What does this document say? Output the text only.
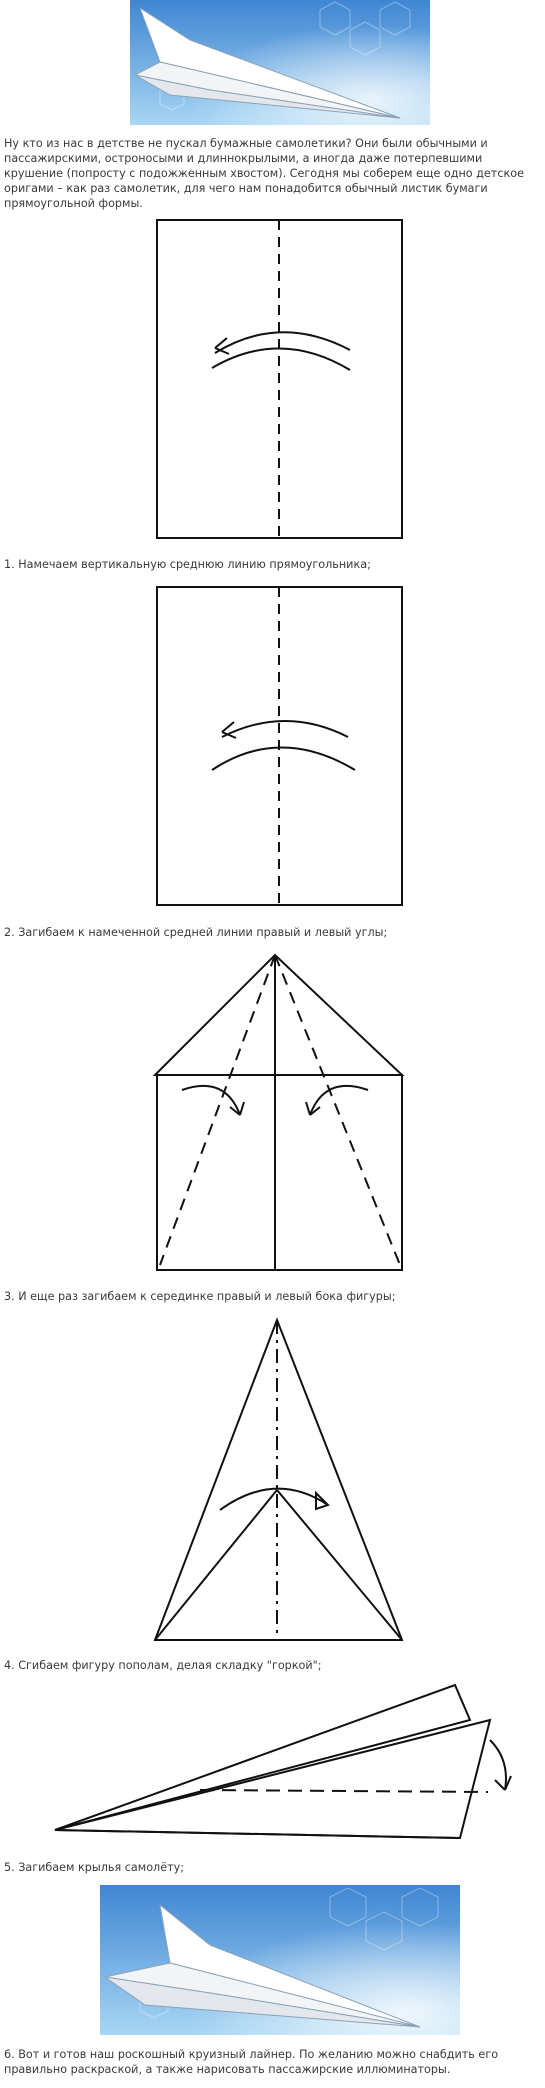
Ну кто из нас в детстве не пускал бумажные самолетики? Они были обычными и пассажирскими, остроносыми и длиннокрылыми, а иногда даже потерпевшими крушение (попросту с подожженным хвостом). Сегодня мы соберем еще одно детское оригами – как раз самолетик, для чего нам понадобится обычный листик бумаги прямоугольной формы.
1. Намечаем вертикальную среднюю линию прямоугольника;
2. Загибаем к намеченной средней линии правый и левый углы;
3. И еще раз загибаем к серединке правый и левый бока фигуры;
4. Сгибаем фигуру пополам, делая складку "горкой";
5. Загибаем крылья самолёту;
6. Вот и готов наш роскошный круизный лайнер. По желанию можно снабдить его правильно раскраской, а также нарисовать пассажирские иллюминаторы.
